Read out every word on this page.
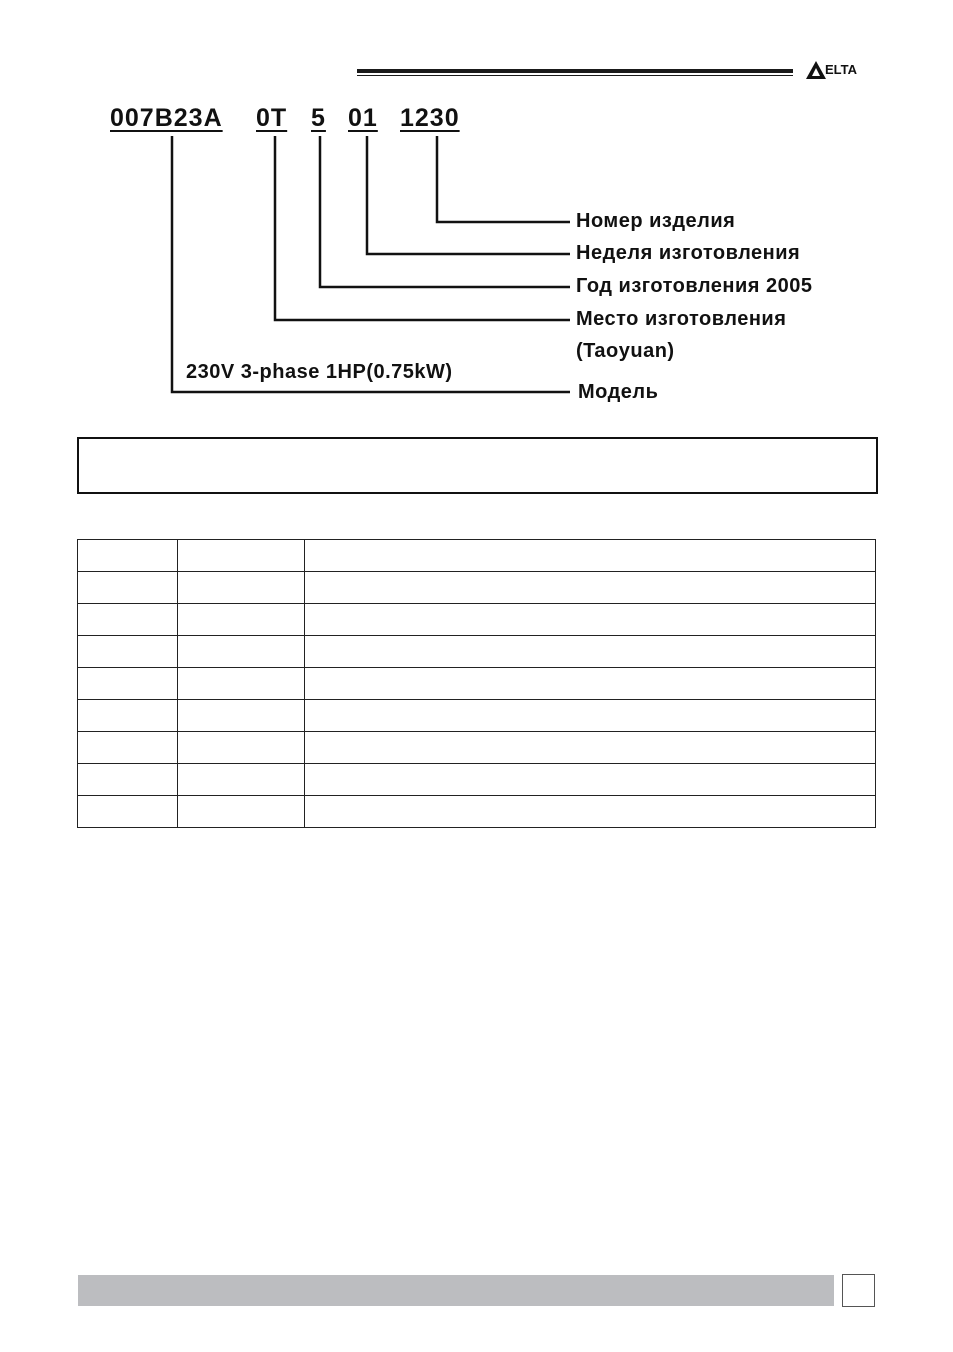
ELTA
007B23A 0T 5 01 1230
Номер изделия
Неделя изготовления
Год изготовления 2005
Место изготовления
(Taoyuan)
230V 3-phase 1HP(0.75kW)
Модель
